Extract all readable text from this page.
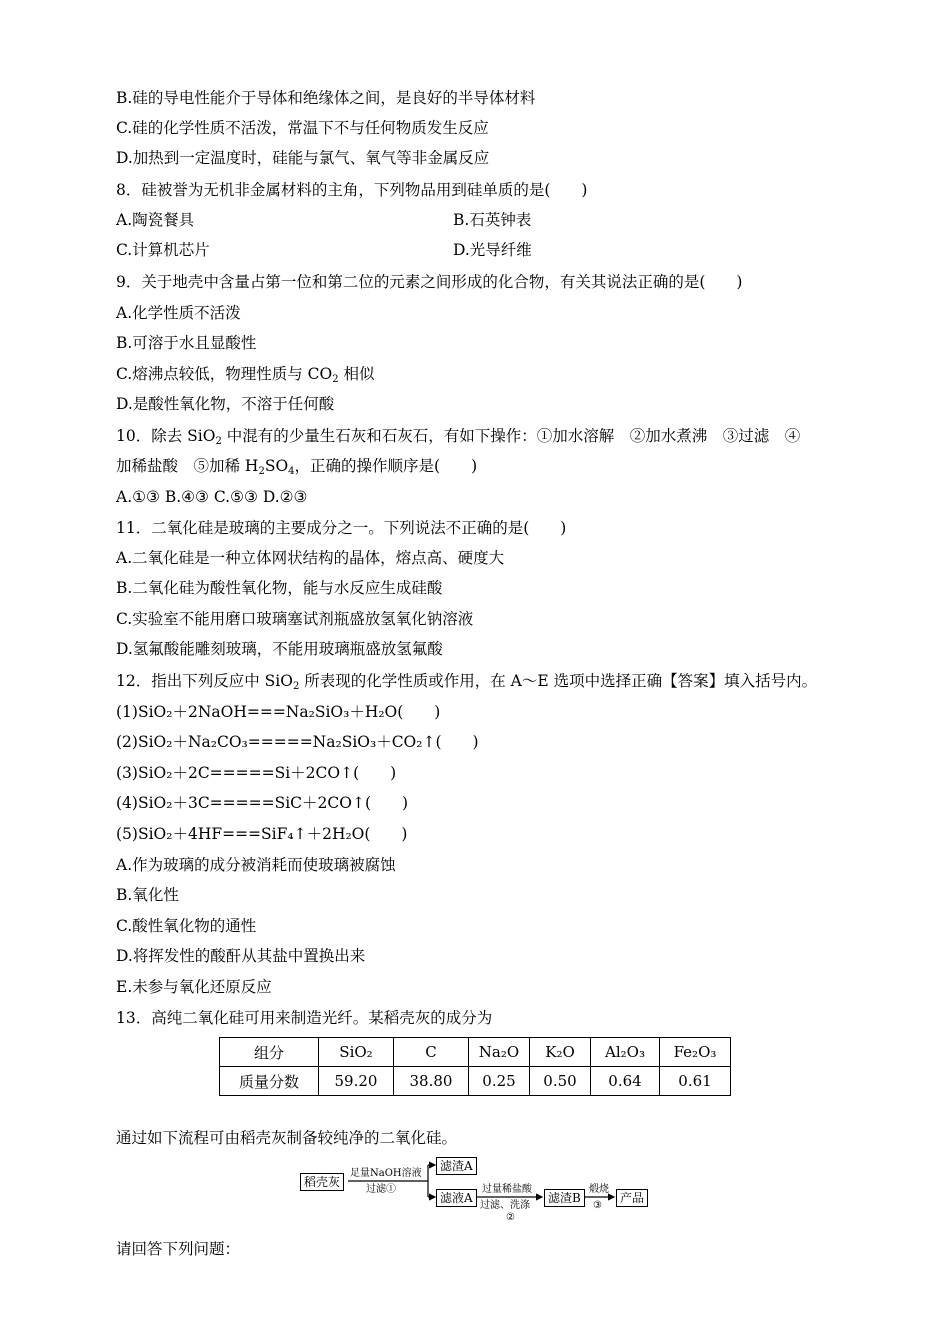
B.硅的导电性能介于导体和绝缘体之间，是良好的半导体材料
C.硅的化学性质不活泼，常温下不与任何物质发生反应
D.加热到一定温度时，硅能与氯气、氧气等非金属反应
8．硅被誉为无机非金属材料的主角，下列物品用到硅单质的是(　　)
A.陶瓷餐具	B.石英钟表
C.计算机芯片	D.光导纤维
9．关于地壳中含量占第一位和第二位的元素之间形成的化合物，有关其说法正确的是(　　)
A.化学性质不活泼
B.可溶于水且显酸性
C.熔沸点较低，物理性质与 $CO_2$ 相似
D.是酸性氧化物，不溶于任何酸
10．除去 SiO$_2$ 中混有的少量生石灰和石灰石，有如下操作：①加水溶解　②加水煮沸　③过滤　④
加稀盐酸　⑤加稀 $H_2SO_4$，正确的操作顺序是(　　)
A.①③ B.④③ C.⑤③ D.②③
11．二氧化硅是玻璃的主要成分之一。下列说法不正确的是(　　)
A.二氧化硅是一种立体网状结构的晶体，熔点高、硬度大
B.二氧化硅为酸性氧化物，能与水反应生成硅酸
C.实验室不能用磨口玻璃塞试剂瓶盛放氢氧化钠溶液
D.氢氟酸能雕刻玻璃，不能用玻璃瓶盛放氢氟酸
12．指出下列反应中 SiO$_2$ 所表现的化学性质或作用，在 A～E 选项中选择正确【答案】填入括号内。
(1)SiO₂＋2NaOH===Na₂SiO₃＋H₂O(　　)
(2)SiO₂＋Na₂CO₃=====Na₂SiO₃＋CO₂↑(　　)
(3)SiO₂＋2C=====Si＋2CO↑(　　)
(4)SiO₂＋3C=====SiC＋2CO↑(　　)
(5)SiO₂＋4HF===SiF₄↑＋2H₂O(　　)
A.作为玻璃的成分被消耗而使玻璃被腐蚀
B.氧化性
C.酸性氧化物的通性
D.将挥发性的酸酐从其盐中置换出来
E.未参与氧化还原反应
13．高纯二氧化硅可用来制造光纤。某稻壳灰的成分为
组分	SiO₂	C	Na₂O	K₂O	Al₂O₃	Fe₂O₃
质量分数	59.20	38.80	0.25	0.50	0.64	0.61
通过如下流程可由稻壳灰制备较纯净的二氧化硅。
稻壳灰
足量NaOH溶液
过滤①
滤渣A
滤液A
过量稀盐酸
过滤、洗涤
②
滤渣B
煅烧
③
产品
请回答下列问题：
